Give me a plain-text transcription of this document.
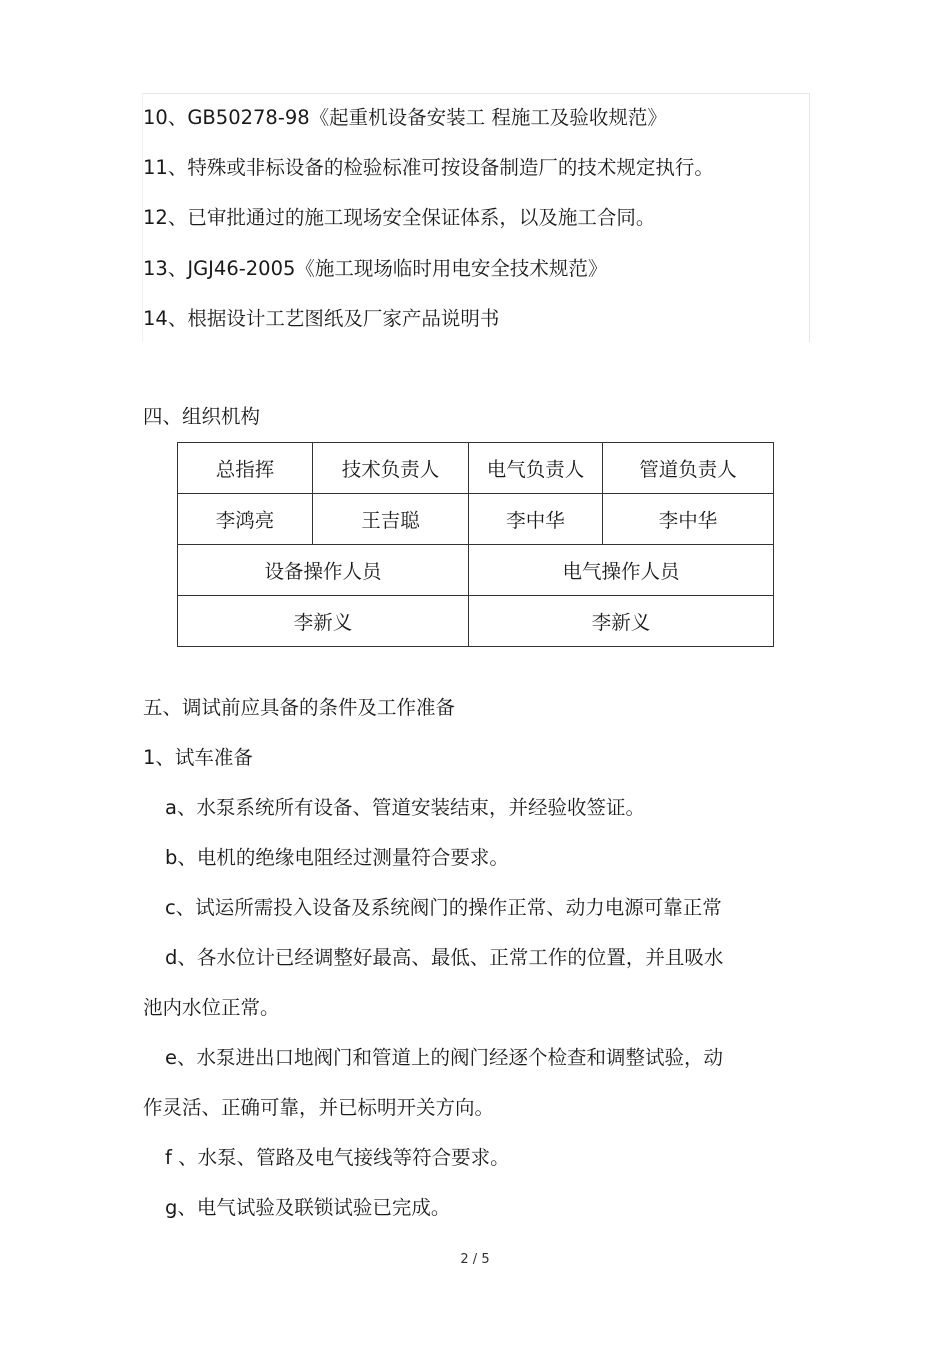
10、GB50278-98《起重机设备安装工 程施工及验收规范》
11、特殊或非标设备的检验标准可按设备制造厂的技术规定执行。
12、已审批通过的施工现场安全保证体系，以及施工合同。
13、JGJ46-2005《施工现场临时用电安全技术规范》
14、根据设计工艺图纸及厂家产品说明书
四、组织机构
总指挥	技术负责人	电气负责人	管道负责人
李鸿亮	王吉聪	李中华	李中华
设备操作人员		电气操作人员	
李新义		李新义	
五、调试前应具备的条件及工作准备
1、试车准备
a、水泵系统所有设备、管道安装结束，并经验收签证。
b、电机的绝缘电阻经过测量符合要求。
c、试运所需投入设备及系统阀门的操作正常、动力电源可靠正常
d、各水位计已经调整好最高、最低、正常工作的位置，并且吸水
池内水位正常。
e、水泵进出口地阀门和管道上的阀门经逐个检查和调整试验，动
作灵活、正确可靠，并已标明开关方向。
f 、水泵、管路及电气接线等符合要求。
g、电气试验及联锁试验已完成。
2 / 5
